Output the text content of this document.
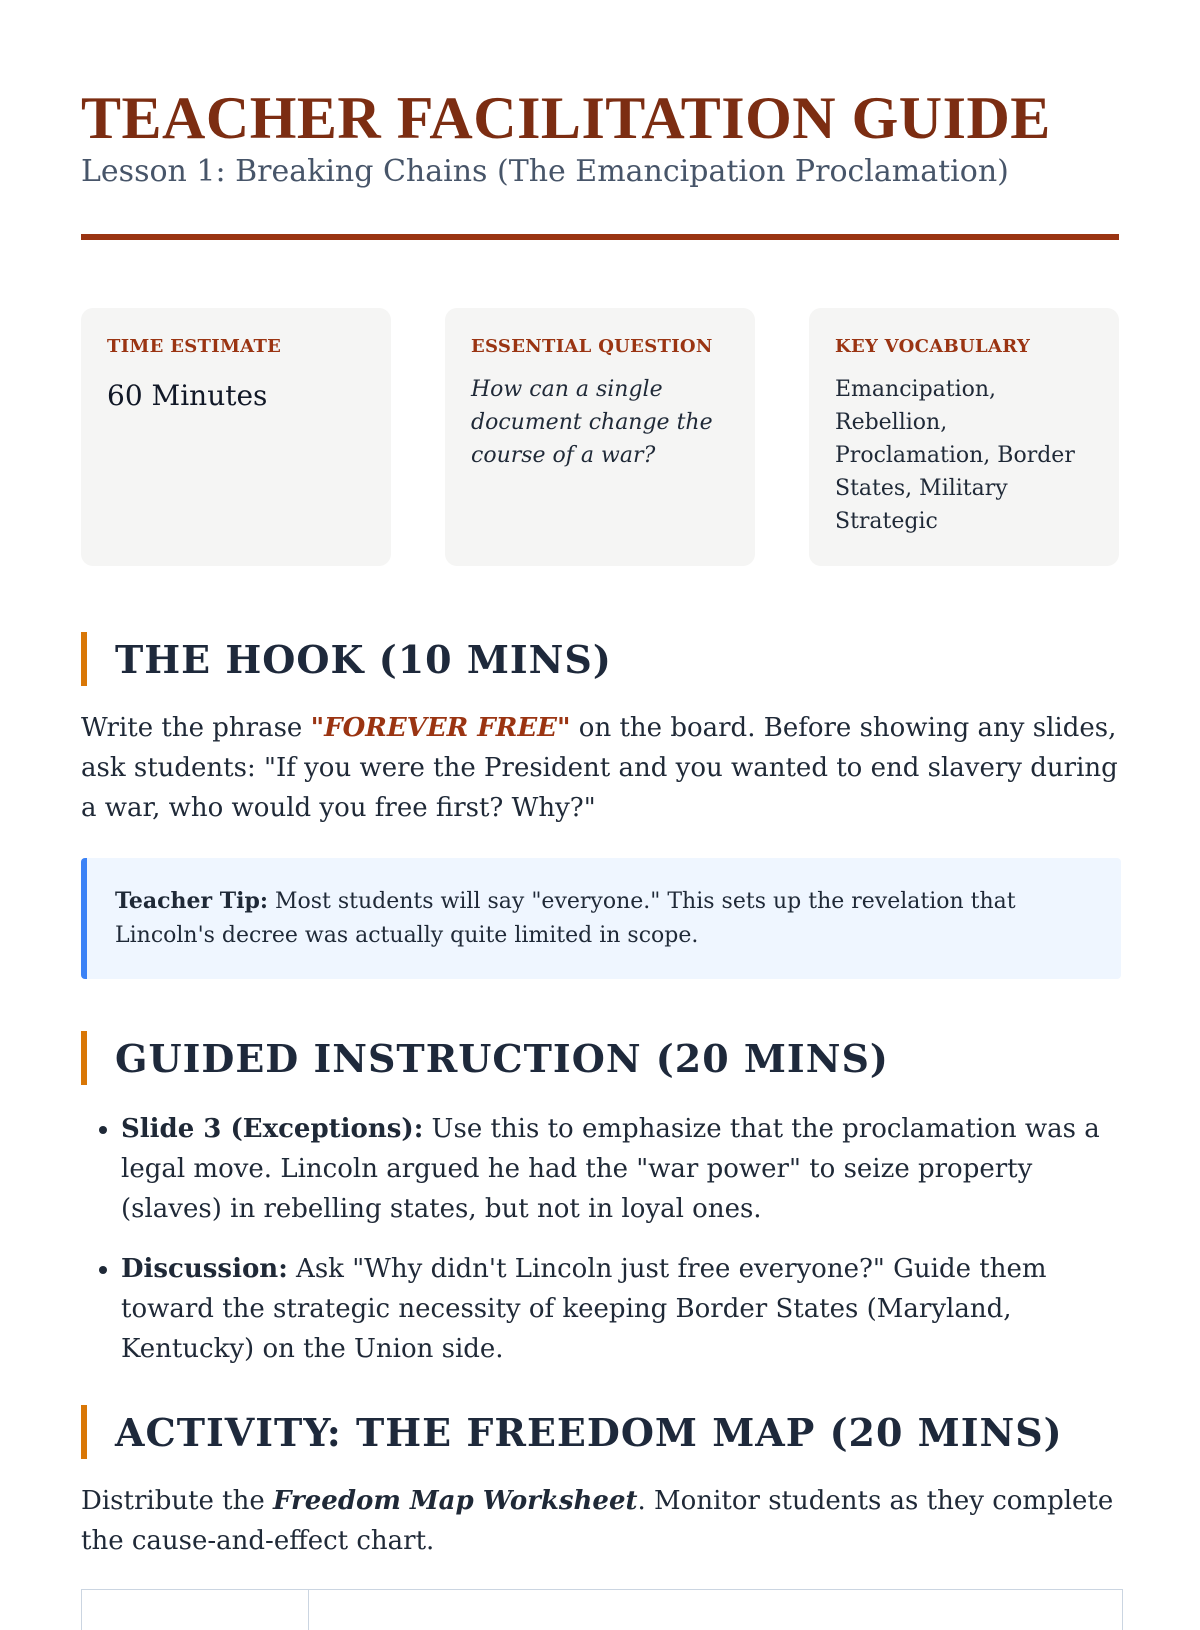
TEACHER FACILITATION GUIDE
Lesson 1: Breaking Chains (The Emancipation Proclamation)
TIME ESTIMATE
60 Minutes
ESSENTIAL QUESTION
How can a single document change the course of a war?
KEY VOCABULARY
Emancipation, Rebellion, Proclamation, Border States, Military Strategic
THE HOOK (10 MINS)

Write the phrase "FOREVER FREE" on the board. Before showing any slides, ask students: "If you were the President and you wanted to end slavery during a war, who would you free first? Why?"

Teacher Tip: Most students will say "everyone." This sets up the revelation that Lincoln's decree was actually quite limited in scope.
GUIDED INSTRUCTION (20 MINS)
• Slide 3 (Exceptions): Use this to emphasize that the proclamation was a legal move. Lincoln argued he had the "war power" to seize property (slaves) in rebelling states, but not in loyal ones.
• Discussion: Ask "Why didn't Lincoln just free everyone?" Guide them toward the strategic necessity of keeping Border States (Maryland, Kentucky) on the Union side.
ACTIVITY: THE FREEDOM MAP (20 MINS)

Distribute the Freedom Map Worksheet. Monitor students as they complete the cause-and-effect chart.
